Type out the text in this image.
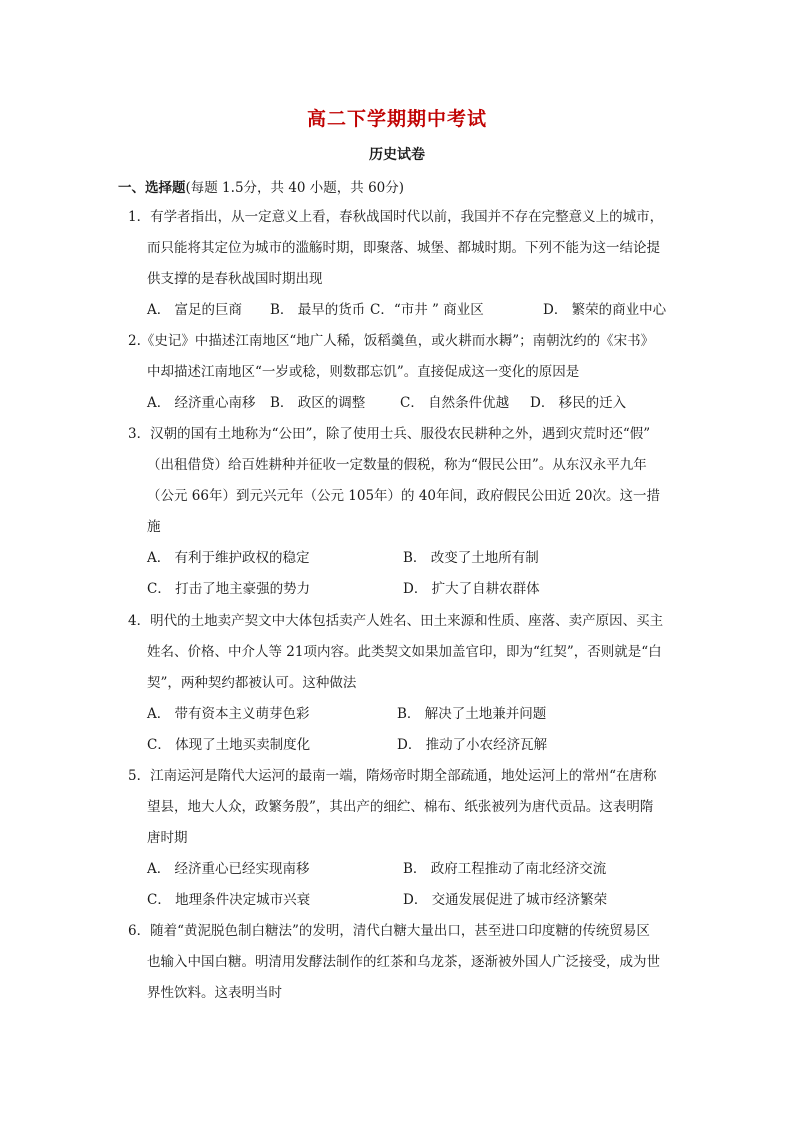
高二下学期期中考试
历史试卷
一、选择题(每题 1.5分，共 40 小题，共 60分)
1．有学者指出，从一定意义上看，春秋战国时代以前，我国并不存在完整意义上的城市，
而只能将其定位为城市的滥觞时期，即聚落、城堡、都城时期。下列不能为这一结论提
供支撑的是春秋战国时期出现
A． 富足的巨商 B． 最早的货币 C．“市井 ” 商业区	D． 繁荣的商业中心
2.《史记》中描述江南地区“地广人稀，饭稻羹鱼，或火耕而水耨”；南朝沈约的《宋书》
中却描述江南地区“一岁或稔，则数郡忘饥”。直接促成这一变化的原因是
A． 经济重心南移 B． 政区的调整	C． 自然条件优越 D． 移民的迁入
3．汉朝的国有土地称为“公田”，除了使用士兵、服役农民耕种之外，遇到灾荒时还“假”
（出租借贷）给百姓耕种并征收一定数量的假税，称为“假民公田”。从东汉永平九年
（公元 66年）到元兴元年（公元 105年）的 40年间，政府假民公田近 20次。这一措
施
A． 有利于维护政权的稳定	B． 改变了土地所有制
C． 打击了地主豪强的势力	D． 扩大了自耕农群体
4．明代的土地卖产契文中大体包括卖产人姓名、田土来源和性质、座落、卖产原因、买主
姓名、价格、中介人等 21项内容。此类契文如果加盖官印，即为“红契”，否则就是“白
契”，两种契约都被认可。这种做法
A． 带有资本主义萌芽色彩	B． 解决了土地兼并问题
C． 体现了土地买卖制度化	D． 推动了小农经济瓦解
5．江南运河是隋代大运河的最南一端，隋炀帝时期全部疏通，地处运河上的常州“在唐称
望县，地大人众，政繁务殷”，其出产的细纻、棉布、纸张被列为唐代贡品。这表明隋
唐时期
A． 经济重心已经实现南移	B． 政府工程推动了南北经济交流
C． 地理条件决定城市兴衰	D． 交通发展促进了城市经济繁荣
6．随着“黄泥脱色制白糖法”的发明，清代白糖大量出口，甚至进口印度糖的传统贸易区
也输入中国白糖。明清用发酵法制作的红茶和乌龙茶，逐渐被外国人广泛接受，成为世
界性饮料。这表明当时
